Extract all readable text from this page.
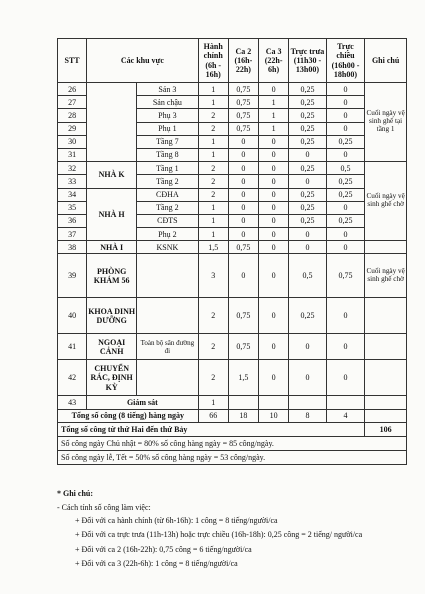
STT	Các khu vực		Hành chính (6h - 16h)	Ca 2 (16h- 22h)	Ca 3 (22h- 6h)	Trực trưa (11h30 - 13h00)	Trực chiều (16h00 - 18h00)	Ghi chú
26		Sản 3	1	0,75	0	0,25	0	Cuối ngày vệ sinh ghế tại tầng 1
27		Sản chậu	1	0,75	1	0,25	0	
28		Phụ 3	2	0,75	1	0,25	0	
29		Phụ 1	2	0,75	1	0,25	0	
30		Tầng 7	1	0	0	0,25	0,25	
31		Tầng 8	1	0	0	0	0	
32	NHÀ K	Tầng 1	2	0	0	0,25	0,5	Cuối ngày vệ sinh ghế chờ
33		Tầng 2	2	0	0	0	0,25	
34	NHÀ H	CĐHA	2	0	0	0,25	0,25	
35		Tầng 2	1	0	0	0,25	0	
36		CĐTS	1	0	0	0,25	0,25	
37		Phụ 2	1	0	0	0	0	
38	NHÀ I	KSNK	1,5	0,75	0	0	0	
39	PHÒNG KHÁM 56		3	0	0	0,5	0,75	Cuối ngày vệ sinh ghế chờ
40	KHOA DINH DƯỠNG		2	0,75	0	0,25	0	
41	NGOẠI CẢNH	Toàn bộ sân đường đi	2	0,75	0	0	0	
42	CHUYỂN RÁC, ĐỊNH KỲ		2	1,5	0	0	0	
43	Giám sát		1					
Tổng số công (8 tiếng) hàng ngày			66	18	10	8	4	
Tổng số công từ thứ Hai đến thứ Bảy								106
Số công ngày Chủ nhật = 80% số công hàng ngày = 85 công/ngày.								
Số công ngày lễ, Tết = 50% số công hàng ngày = 53 công/ngày.								
* Ghi chú:
- Cách tính số công làm việc:
+ Đối với ca hành chính (từ 6h-16h): 1 công = 8 tiếng/người/ca
+ Đối với ca trực trưa (11h-13h) hoặc trực chiều (16h-18h): 0,25 công = 2 tiếng/ người/ca
+ Đối với ca 2 (16h-22h): 0,75 công = 6 tiếng/người/ca
+ Đối với ca 3 (22h-6h): 1 công = 8 tiếng/người/ca
